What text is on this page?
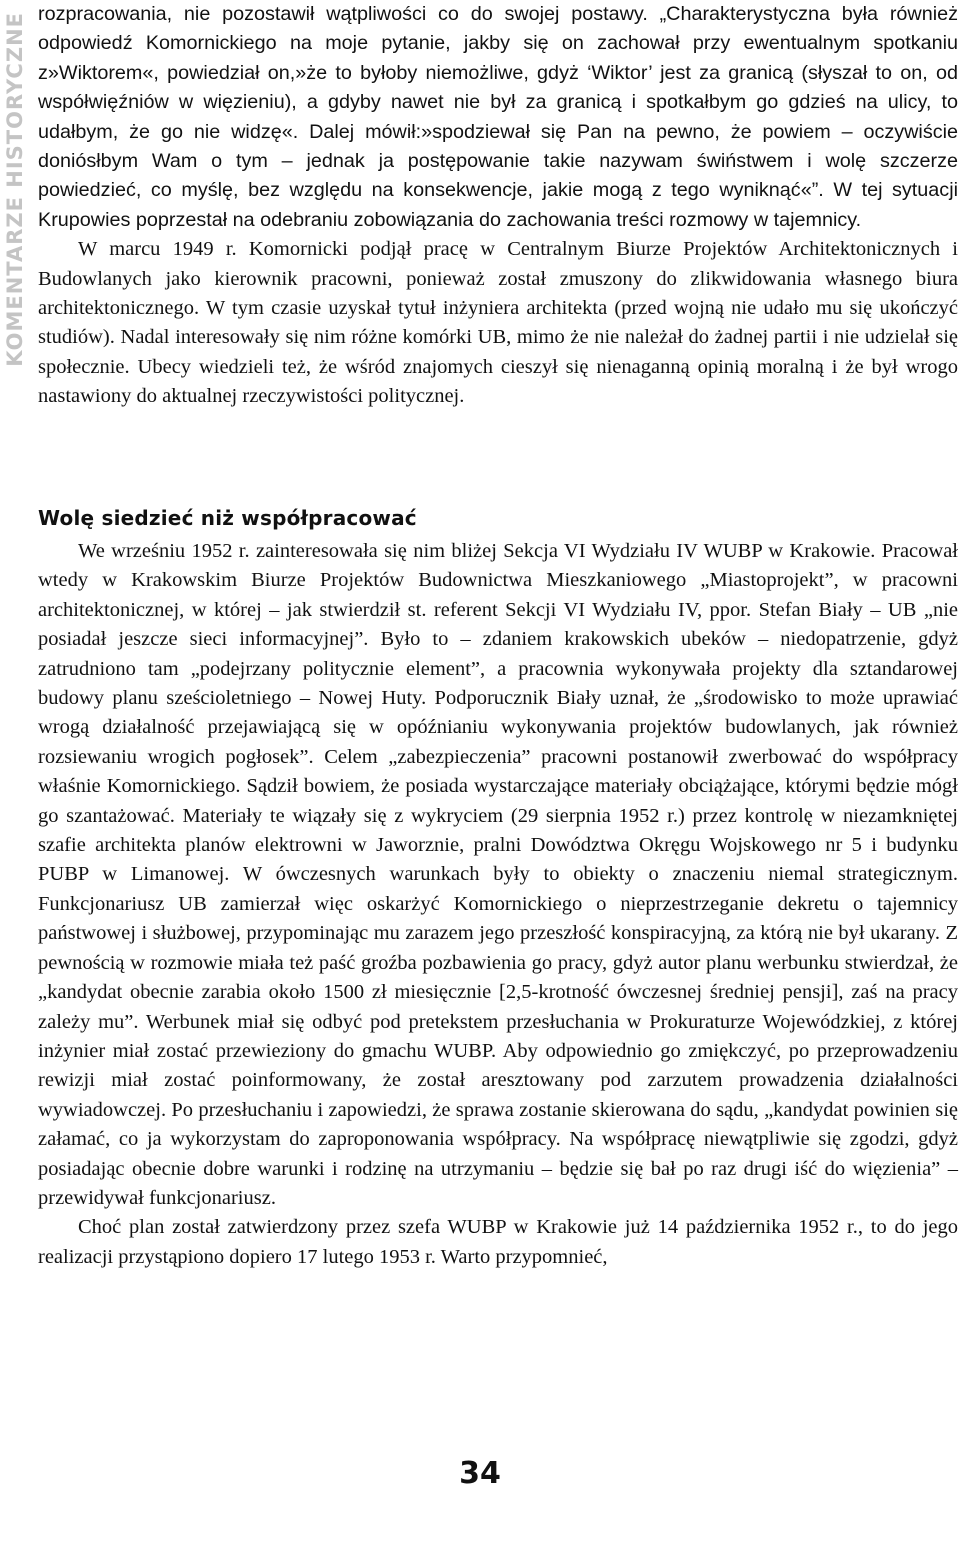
KOMENTARZE HISTORYCZNE rozpracowania, nie pozostawił wątpliwości co do swojej postawy. „Charakterystyczna była również odpowiedź Komornickiego na moje pytanie, jakby się on zachował przy ewentualnym spotkaniu z»Wiktorem«, powiedział on,»że to byłoby niemożliwe, gdyż ‘Wiktor’ jest za granicą (słyszał to on, od współwięźniów w więzieniu), a gdyby nawet nie był za granicą i spotkałbym go gdzieś na ulicy, to udałbym, że go nie widzę«. Dalej mówił:»spodziewał się Pan na pewno, że powiem – oczywiście doniósłbym Wam o tym – jednak ja postępowanie takie nazywam świństwem i wolę szczerze powiedzieć, co myślę, bez względu na konsekwencje, jakie mogą z tego wyniknąć«”. W tej sytuacji Krupowies poprzestał na odebraniu zobowiązania do zachowania treści rozmowy w tajemnicy.

W marcu 1949 r. Komornicki podjął pracę w Centralnym Biurze Projektów Architektonicznych i Budowlanych jako kierownik pracowni, ponieważ został zmuszony do zlikwidowania własnego biura architektonicznego. W tym czasie uzyskał tytuł inżyniera architekta (przed wojną nie udało mu się ukończyć studiów). Nadal interesowały się nim różne komórki UB, mimo że nie należał do żadnej partii i nie udzielał się społecznie. Ubecy wiedzieli też, że wśród znajomych cieszył się nienaganną opinią moralną i że był wrogo nastawiony do aktualnej rzeczywistości politycznej.

Wolę siedzieć niż współpracować

We wrześniu 1952 r. zainteresowała się nim bliżej Sekcja VI Wydziału IV WUBP w Krakowie. Pracował wtedy w Krakowskim Biurze Projektów Budownictwa Mieszkaniowego „Miastoprojekt”, w pracowni architektonicznej, w której – jak stwierdził st. referent Sekcji VI Wydziału IV, ppor. Stefan Biały – UB „nie posiadał jeszcze sieci informacyjnej”. Było to – zdaniem krakowskich ubeków – niedopatrzenie, gdyż zatrudniono tam „podejrzany politycznie element”, a pracownia wykonywała projekty dla sztandarowej budowy planu sześcioletniego – Nowej Huty. Podporucznik Biały uznał, że „środowisko to może uprawiać wrogą działalność przejawiającą się w opóźnianiu wykonywania projektów budowlanych, jak również rozsiewaniu wrogich pogłosek”. Celem „zabezpieczenia” pracowni postanowił zwerbować do współpracy właśnie Komornickiego. Sądził bowiem, że posiada wystarczające materiały obciążające, którymi będzie mógł go szantażować. Materiały te wiązały się z wykryciem (29 sierpnia 1952 r.) przez kontrolę w niezamkniętej szafie architekta planów elektrowni w Jaworznie, pralni Dowództwa Okręgu Wojskowego nr 5 i budynku PUBP w Limanowej. W ówczesnych warunkach były to obiekty o znaczeniu niemal strategicznym. Funkcjonariusz UB zamierzał więc oskarżyć Komornickiego o nieprzestrzeganie dekretu o tajemnicy państwowej i służbowej, przypominając mu zarazem jego przeszłość konspiracyjną, za którą nie był ukarany. Z pewnością w rozmowie miała też paść groźba pozbawienia go pracy, gdyż autor planu werbunku stwierdzał, że „kandydat obecnie zarabia około 1500 zł miesięcznie [2,5-krotność ówczesnej średniej pensji], zaś na pracy zależy mu”. Werbunek miał się odbyć pod pretekstem przesłuchania w Prokuraturze Wojewódzkiej, z której inżynier miał zostać przewieziony do gmachu WUBP. Aby odpowiednio go zmiękczyć, po przeprowadzeniu rewizji miał zostać poinformowany, że został aresztowany pod zarzutem prowadzenia działalności wywiadowczej. Po przesłuchaniu i zapowiedzi, że sprawa zostanie skierowana do sądu, „kandydat powinien się załamać, co ja wykorzystam do zaproponowania współpracy. Na współpracę niewątpliwie się zgodzi, gdyż posiadając obecnie dobre warunki i rodzinę na utrzymaniu – będzie się bał po raz drugi iść do więzienia” – przewidywał funkcjonariusz.

Choć plan został zatwierdzony przez szefa WUBP w Krakowie już 14 października 1952 r., to do jego realizacji przystąpiono dopiero 17 lutego 1953 r. Warto przypomnieć,

34
